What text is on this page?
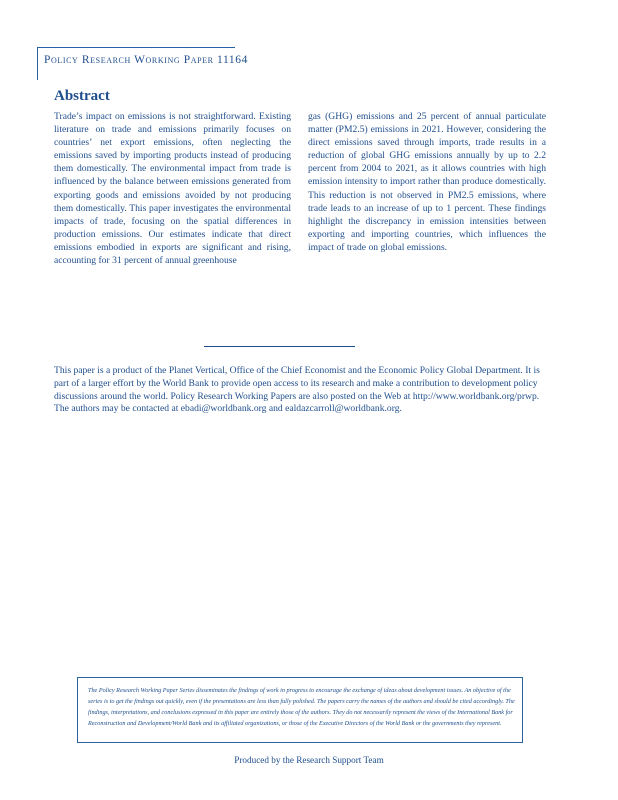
Policy Research Working Paper 11164
Abstract

Trade’s impact on emissions is not straightforward. Existing literature on trade and emissions primarily focuses on countries’ net export emissions, often neglecting the emissions saved by importing products instead of producing them domestically. The environmental impact from trade is influenced by the balance between emissions generated from exporting goods and emissions avoided by not producing them domestically. This paper investigates the environmental impacts of trade, focusing on the spatial differences in production emissions. Our estimates indicate that direct emissions embodied in exports are significant and rising, accounting for 31 percent of annual greenhouse

gas (GHG) emissions and 25 percent of annual particulate matter (PM2.5) emissions in 2021. However, considering the direct emissions saved through imports, trade results in a reduction of global GHG emissions annually by up to 2.2 percent from 2004 to 2021, as it allows countries with high emission intensity to import rather than produce domestically. This reduction is not observed in PM2.5 emissions, where trade leads to an increase of up to 1 percent. These findings highlight the discrepancy in emission intensities between exporting and importing countries, which influences the impact of trade on global emissions.

This paper is a product of the Planet Vertical, Office of the Chief Economist and the Economic Policy Global Department. It is part of a larger effort by the World Bank to provide open access to its research and make a contribution to development policy discussions around the world. Policy Research Working Papers are also posted on the Web at http://www.worldbank.org/prwp. The authors may be contacted at ebadi@worldbank.org and ealdazcarroll@worldbank.org.

The Policy Research Working Paper Series disseminates the findings of work in progress to encourage the exchange of ideas about development issues. An objective of the series is to get the findings out quickly, even if the presentations are less than fully polished. The papers carry the names of the authors and should be cited accordingly. The findings, interpretations, and conclusions expressed in this paper are entirely those of the authors. They do not necessarily represent the views of the International Bank for Reconstruction and Development/World Bank and its affiliated organizations, or those of the Executive Directors of the World Bank or the governments they represent.

Produced by the Research Support Team
